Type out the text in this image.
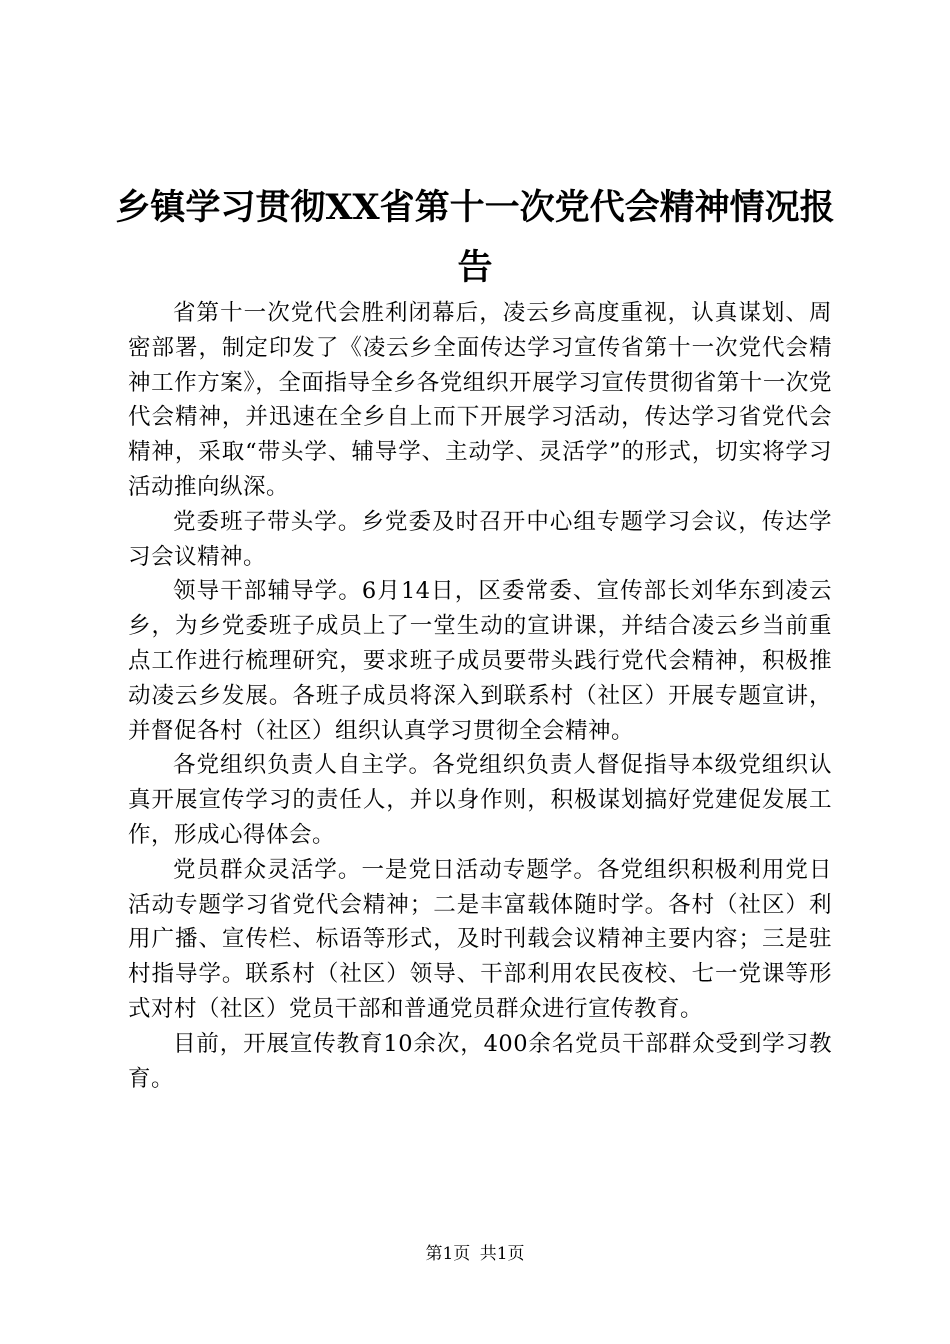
乡镇学习贯彻XX省第十一次党代会精神情况报告

省第十一次党代会胜利闭幕后，凌云乡高度重视，认真谋划、周密部署，制定印发了《凌云乡全面传达学习宣传省第十一次党代会精神工作方案》，全面指导全乡各党组织开展学习宣传贯彻省第十一次党代会精神，并迅速在全乡自上而下开展学习活动，传达学习省党代会精神，采取“带头学、辅导学、主动学、灵活学”的形式，切实将学习活动推向纵深。

党委班子带头学。乡党委及时召开中心组专题学习会议，传达学习会议精神。

领导干部辅导学。6月14日，区委常委、宣传部长刘华东到凌云乡，为乡党委班子成员上了一堂生动的宣讲课，并结合凌云乡当前重点工作进行梳理研究，要求班子成员要带头践行党代会精神，积极推动凌云乡发展。各班子成员将深入到联系村（社区）开展专题宣讲，并督促各村（社区）组织认真学习贯彻全会精神。

各党组织负责人自主学。各党组织负责人督促指导本级党组织认真开展宣传学习的责任人，并以身作则，积极谋划搞好党建促发展工作，形成心得体会。

党员群众灵活学。一是党日活动专题学。各党组织积极利用党日活动专题学习省党代会精神；二是丰富载体随时学。各村（社区）利用广播、宣传栏、标语等形式，及时刊载会议精神主要内容；三是驻村指导学。联系村（社区）领导、干部利用农民夜校、七一党课等形式对村（社区）党员干部和普通党员群众进行宣传教育。

目前，开展宣传教育10余次，400余名党员干部群众受到学习教育。

第1页 共1页
